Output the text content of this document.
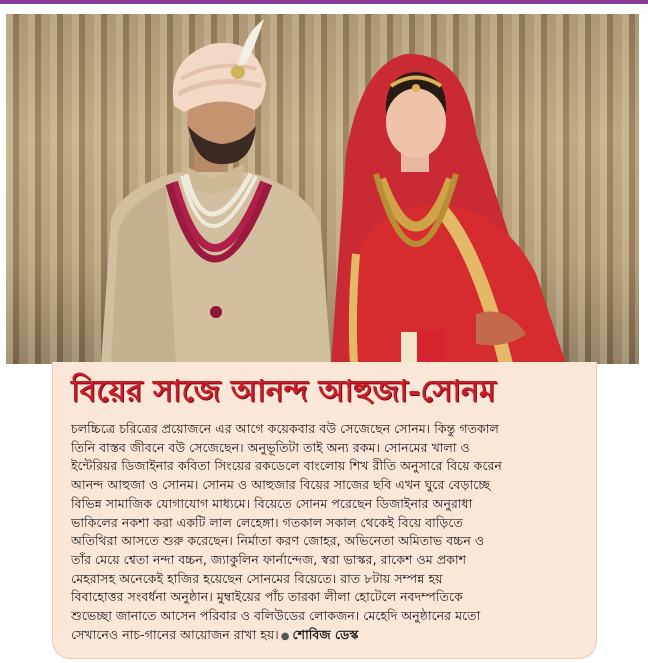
বিয়ের সাজে আনন্দ আহুজা-সোনম
চলচ্চিত্রে চরিত্রের প্রয়োজনে এর আগে কয়েকবার বউ সেজেছেন সোনম। কিন্তু গতকাল
তিনি বাস্তব জীবনে বউ সেজেছেন। অনুভূতিটা তাই অন্য রকম। সোনমের খালা ও
ইন্টেরিয়র ডিজাইনার কবিতা সিংয়ের রকডেলে বাংলোয় শিখ রীতি অনুসারে বিয়ে করেন
আনন্দ আহুজা ও সোনম। সোনম ও আহুজার বিয়ের সাজের ছবি এখন ঘুরে বেড়াচ্ছে
বিভিন্ন সামাজিক যোগাযোগ মাধ্যমে। বিয়েতে সোনম পরেছেন ডিজাইনার অনুরাধা
ভাকিলের নকশা করা একটি লাল লেহেঙ্গা। গতকাল সকাল থেকেই বিয়ে বাড়িতে
অতিথিরা আসতে শুরু করেছেন। নির্মাতা করণ জোহর, অভিনেতা অমিতাভ বচ্চন ও
তাঁর মেয়ে শ্বেতা নন্দা বচ্চন, জ্যাকুলিন ফার্নান্দেজ, স্বরা ভাস্কর, রাকেশ ওম প্রকাশ
মেহরাসহ অনেকেই হাজির হয়েছেন সোনমের বিয়েতে। রাত ৮টায় সম্পন্ন হয়
বিবাহোত্তর সংবর্ধনা অনুষ্ঠান। মুম্বাইয়ের পাঁচ তারকা লীলা হোটেলে নবদম্পতিকে
শুভেচ্ছা জানাতে আসেন পরিবার ও বলিউডের লোকজন। মেহেদি অনুষ্ঠানের মতো
সেখানেও নাচ-গানের আয়োজন রাখা হয়। ● শোবিজ ডেস্ক
